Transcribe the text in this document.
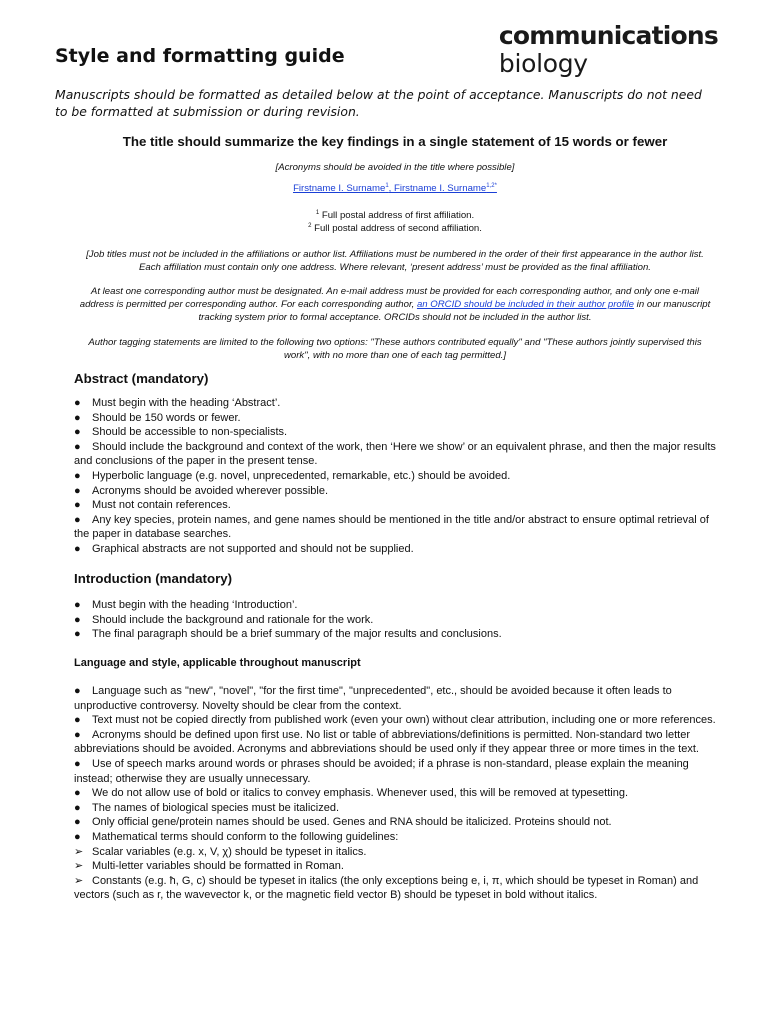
communications
biology
Style and formatting guide

Manuscripts should be formatted as detailed below at the point of acceptance. Manuscripts do not need to be formatted at submission or during revision.

The title should summarize the key findings in a single statement of 15 words or fewer

[Acronyms should be avoided in the title where possible]

Firstname I. Surname$^1$, Firstname I. Surname$^{1,2*}$

$^1$ Full postal address of first affiliation.
$^2$ Full postal address of second affiliation.

[Job titles must not be included in the affiliations or author list. Affiliations must be numbered in the order of their first appearance in the author list. Each affiliation must contain only one address. Where relevant, ‘present address’ must be provided as the final affiliation.

At least one corresponding author must be designated. An e-mail address must be provided for each corresponding author, and only one e-mail address is permitted per corresponding author. For each corresponding author, an ORCID should be included in their author profile in our manuscript tracking system prior to formal acceptance. ORCIDs should not be included in the author list.

Author tagging statements are limited to the following two options: "These authors contributed equally" and "These authors jointly supervised this work", with no more than one of each tag permitted.]

Abstract (mandatory)
● Must begin with the heading ‘Abstract’.
● Should be 150 words or fewer.
● Should be accessible to non-specialists.
● Should include the background and context of the work, then ‘Here we show’ or an equivalent phrase, and then the major results and conclusions of the paper in the present tense.
● Hyperbolic language (e.g. novel, unprecedented, remarkable, etc.) should be avoided.
● Acronyms should be avoided wherever possible.
● Must not contain references.
● Any key species, protein names, and gene names should be mentioned in the title and/or abstract to ensure optimal retrieval of the paper in database searches.
● Graphical abstracts are not supported and should not be supplied.
Introduction (mandatory)
● Must begin with the heading ‘Introduction’.
● Should include the background and rationale for the work.
● The final paragraph should be a brief summary of the major results and conclusions.
Language and style, applicable throughout manuscript
● Language such as "new", "novel", "for the first time", "unprecedented", etc., should be avoided because it often leads to unproductive controversy. Novelty should be clear from the context.
● Text must not be copied directly from published work (even your own) without clear attribution, including one or more references.
● Acronyms should be defined upon first use. No list or table of abbreviations/definitions is permitted. Non-standard two letter abbreviations should be avoided. Acronyms and abbreviations should be used only if they appear three or more times in the text.
● Use of speech marks around words or phrases should be avoided; if a phrase is non-standard, please explain the meaning instead; otherwise they are usually unnecessary.
● We do not allow use of bold or italics to convey emphasis. Whenever used, this will be removed at typesetting.
● The names of biological species must be italicized.
● Only official gene/protein names should be used. Genes and RNA should be italicized. Proteins should not.
● Mathematical terms should conform to the following guidelines:
➢ Scalar variables (e.g. x, V, χ) should be typeset in italics.
➢ Multi-letter variables should be formatted in Roman.
➢ Constants (e.g. ħ, G, c) should be typeset in italics (the only exceptions being e, i, π, which should be typeset in Roman) and vectors (such as r, the wavevector k, or the magnetic field vector B) should be typeset in bold without italics.
